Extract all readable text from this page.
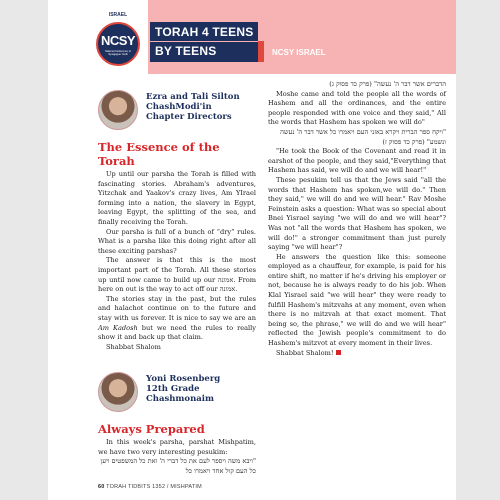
ISRAEL
NCSY
National Conference of Synagogue Youth
TORAH 4 TEENS
BY TEENS	NCSY ISRAEL
Ezra and Tali Silton
ChashModi'in
Chapter Directors
The Essence of the Torah

Up until our parsha the Torah is filled with fascinating stories. Abraham's adventures, Yitzchak and Yaakov's crazy lives, Am YIrael forming into a nation, the slavery in Egypt, leaving Egypt, the splitting of the sea, and finally receiving the Torah.

Our parsha is full of a bunch of “dry” rules. What is a parsha like this doing right after all these exciting parshas?

The answer is that this is the most important part of the Torah. All these stories up until now came to build up our אמונה. From here on out is the way to act off our אמונה.

The stories stay in the past, but the rules and halachot continue on to the future and stay with us forever. It is nice to say we are an Am Kadosh but we need the rules to really show it and back up that claim.

Shabbat Shalom
Yoni Rosenberg
12th Grade
Chashmonaim
Always Prepared

In this week's parsha, parshat Mishpatim, we have two very interesting pesukim:

"ויבא משה ויספר לעם את כל דברי ה' ואת כל המשפטים ויען כל העם קול אחד ויאמרו כל

הדברים אשר דבר ה' נעשה" (פרק כד פסוק ג)

Moshe came and told the people all the words of Hashem and all the ordinances, and the entire people responded with one voice and they said," All the words that Hashem has spoken we will do"

"ויקח ספר הברית ויקרא באזני העם ויאמרו כל אשר דבר ה' נעשה ונשמע" (פרק כד פסוק ז)

"He took the Book of the Covenant and read it in earshot of the people, and they said,"Everything that Hashem has said, we will do and we will hear!"

These pesukim tell us that the Jews said "all the words that Hashem has spoken,we will do." Then they said," we will do and we will hear." Rav Moshe Feinstein asks a question: What was so special about Bnei Yisrael saying "we will do and we will hear"? Was not "all the words that Hashem has spoken, we will do!" a stronger commitment than just purely saying "we will hear"?

He answers the question like this: someone employed as a chauffeur, for example, is paid for his entire shift, no matter if he's driving his employer or not, because he is always ready to do his job. When Klal Yisrael said "we will hear" they were ready to fulfill Hashem's mitzvahs at any moment, even when there is no mitzvah at that exact moment. That being so, the phrase," we will do and we will hear" reflected the Jewish people's commitment to do Hashem's mitzvot at every moment in their lives.

Shabbat Shalom!
60 TORAH TIDBITS 1352 / MISHPATIM
